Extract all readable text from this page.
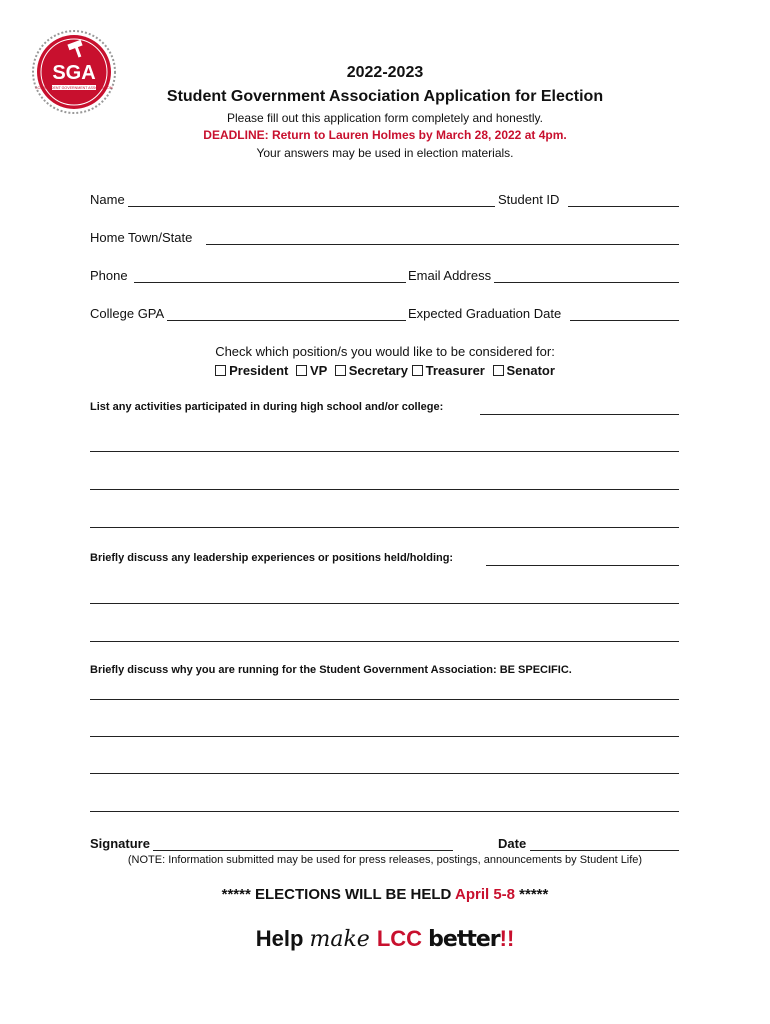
SGA
LCC STUDENT GOVERNMENT ASSOCIATION
2022-2023
Student Government Association Application for Election
Please fill out this application form completely and honestly.
DEADLINE: Return to Lauren Holmes by March 28, 2022 at 4pm.
Your answers may be used in election materials.
Name	Student ID
Home Town/State
Phone	Email Address
College GPA	Expected Graduation Date
Check which position/s you would like to be considered for:
President VP Secretary Treasurer Senator
List any activities participated in during high school and/or college:
Briefly discuss any leadership experiences or positions held/holding:
Briefly discuss why you are running for the Student Government Association: BE SPECIFIC.
Signature	Date
(NOTE: Information submitted may be used for press releases, postings, announcements by Student Life)
***** ELECTIONS WILL BE HELD April 5-8 *****
Help make LCC better!!
